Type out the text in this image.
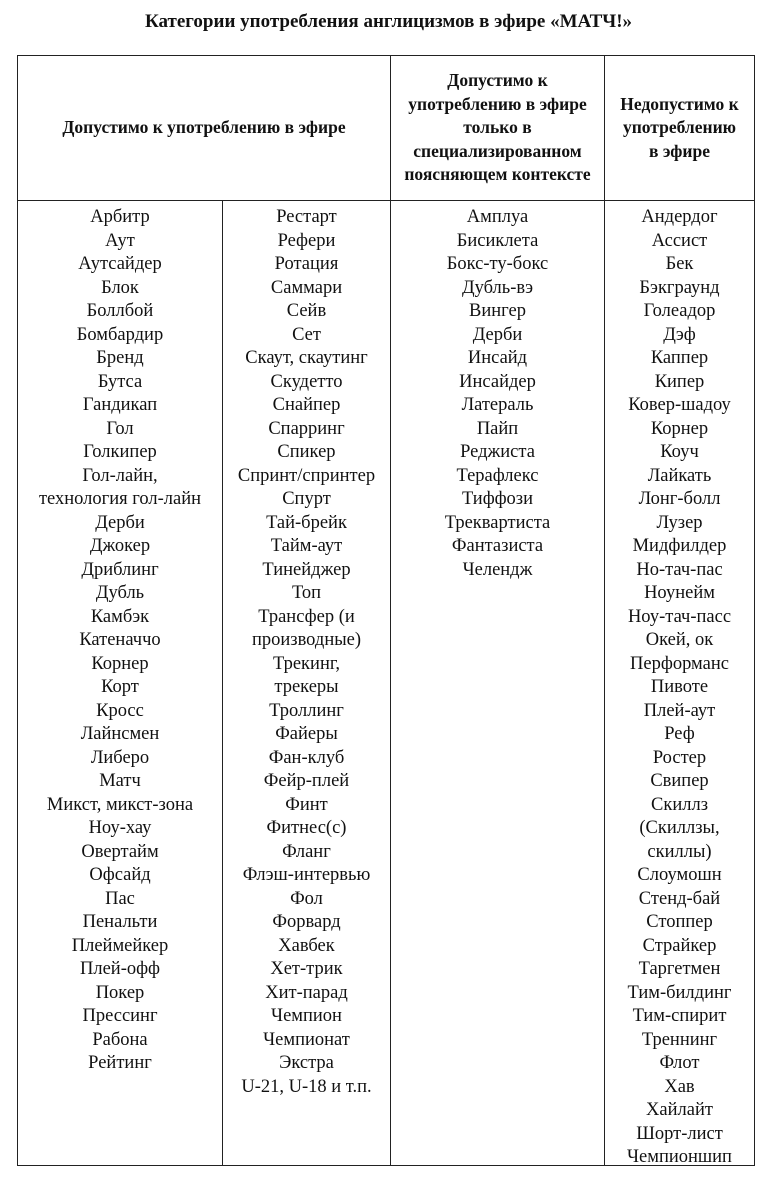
Категории употребления англицизмов в эфире «МАТЧ!»
Допустимо к употреблению в эфире
Допустимо к употреблению в эфире только в специализированном поясняющем контексте
Недопустимо к употреблению в эфире
Арбитр
Аут
Аутсайдер
Блок
Боллбой
Бомбардир
Бренд
Бутса
Гандикап
Гол
Голкипер
Гол-лайн,
технология гол-лайн
Дерби
Джокер
Дриблинг
Дубль
Камбэк
Катеначчо
Корнер
Корт
Кросс
Лайнсмен
Либеро
Матч
Микст, микст-зона
Ноу-хау
Овертайм
Офсайд
Пас
Пенальти
Плеймейкер
Плей-офф
Покер
Прессинг
Рабона
Рейтинг
Рестарт
Рефери
Ротация
Саммари
Сейв
Сет
Скаут, скаутинг
Скудетто
Снайпер
Спарринг
Спикер
Спринт/спринтер
Спурт
Тай-брейк
Тайм-аут
Тинейджер
Топ
Трансфер (и
производные)
Трекинг,
трекеры
Троллинг
Файеры
Фан-клуб
Фейр-плей
Финт
Фитнес(с)
Фланг
Флэш-интервью
Фол
Форвард
Хавбек
Хет-трик
Хит-парад
Чемпион
Чемпионат
Экстра
U-21, U-18 и т.п.
Амплуа
Бисиклета
Бокс-ту-бокс
Дубль-вэ
Вингер
Дерби
Инсайд
Инсайдер
Латераль
Пайп
Реджиста
Терафлекс
Тиффози
Треквартиста
Фантазиста
Челендж
Андердог
Ассист
Бек
Бэкграунд
Голеадор
Дэф
Каппер
Кипер
Ковер-шадоу
Корнер
Коуч
Лайкать
Лонг-болл
Лузер
Мидфилдер
Но-тач-пас
Ноунейм
Ноу-тач-пасс
Окей, ок
Перформанс
Пивоте
Плей-аут
Реф
Ростер
Свипер
Скиллз
(Скиллзы,
скиллы)
Слоумошн
Стенд-бай
Стоппер
Страйкер
Таргетмен
Тим-билдинг
Тим-спирит
Треннинг
Флот
Хав
Хайлайт
Шорт-лист
Чемпионшип
